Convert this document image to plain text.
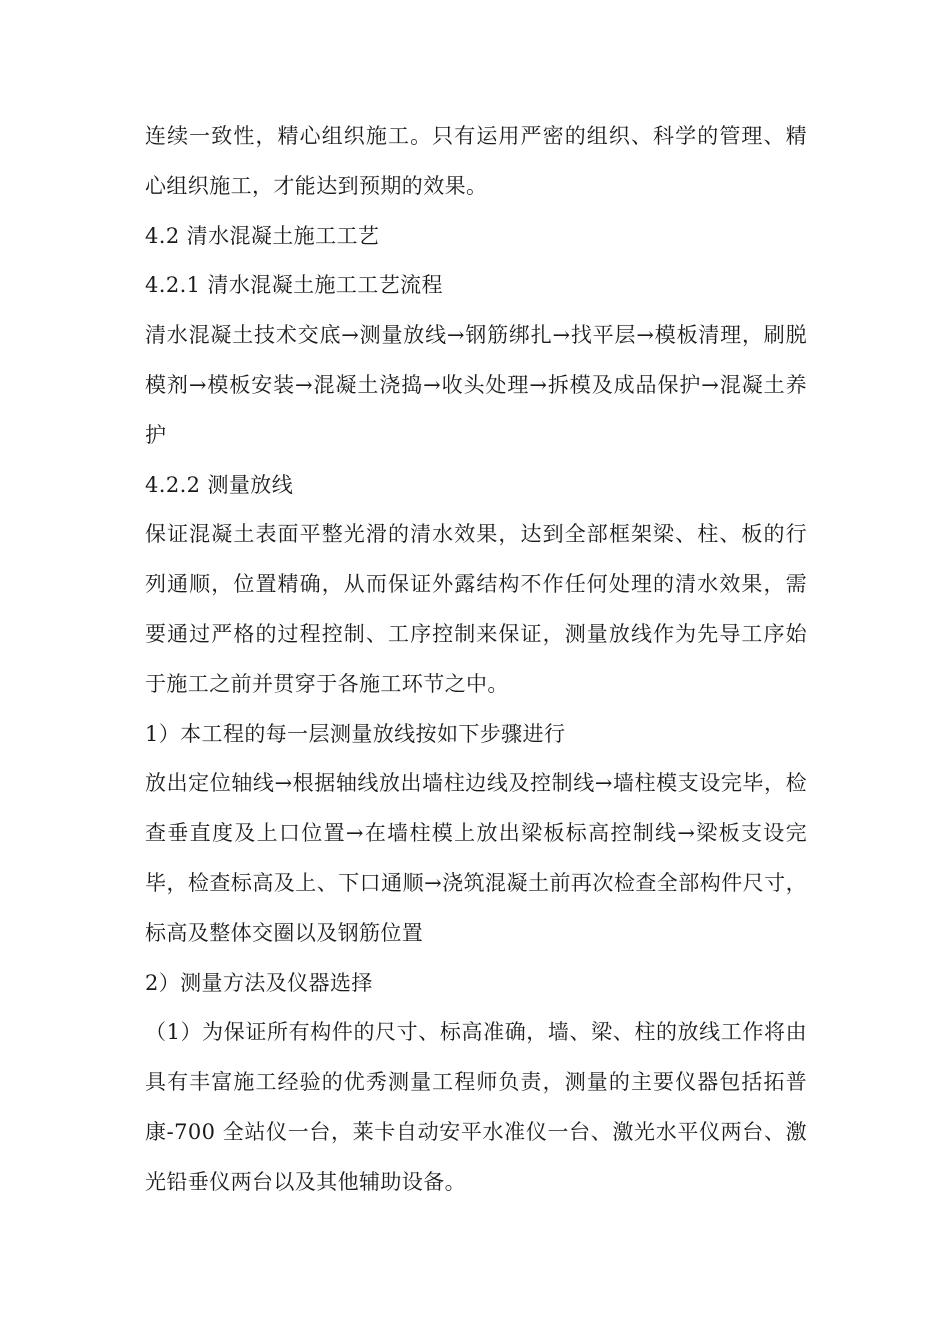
连续一致性，精心组织施工。只有运用严密的组织、科学的管理、精心组织施工，才能达到预期的效果。

4.2 清水混凝土施工工艺

4.2.1 清水混凝土施工工艺流程

清水混凝土技术交底→测量放线→钢筋绑扎→找平层→模板清理，刷脱模剂→模板安装→混凝土浇捣→收头处理→拆模及成品保护→混凝土养护

4.2.2 测量放线

保证混凝土表面平整光滑的清水效果，达到全部框架梁、柱、板的行列通顺，位置精确，从而保证外露结构不作任何处理的清水效果，需要通过严格的过程控制、工序控制来保证，测量放线作为先导工序始于施工之前并贯穿于各施工环节之中。

1）本工程的每一层测量放线按如下步骤进行

放出定位轴线→根据轴线放出墙柱边线及控制线→墙柱模支设完毕，检查垂直度及上口位置→在墙柱模上放出梁板标高控制线→梁板支设完毕，检查标高及上、下口通顺→浇筑混凝土前再次检查全部构件尺寸，标高及整体交圈以及钢筋位置

2）测量方法及仪器选择

（1）为保证所有构件的尺寸、标高准确，墙、梁、柱的放线工作将由具有丰富施工经验的优秀测量工程师负责，测量的主要仪器包括拓普康-700 全站仪一台，莱卡自动安平水准仪一台、激光水平仪两台、激光铅垂仪两台以及其他辅助设备。
